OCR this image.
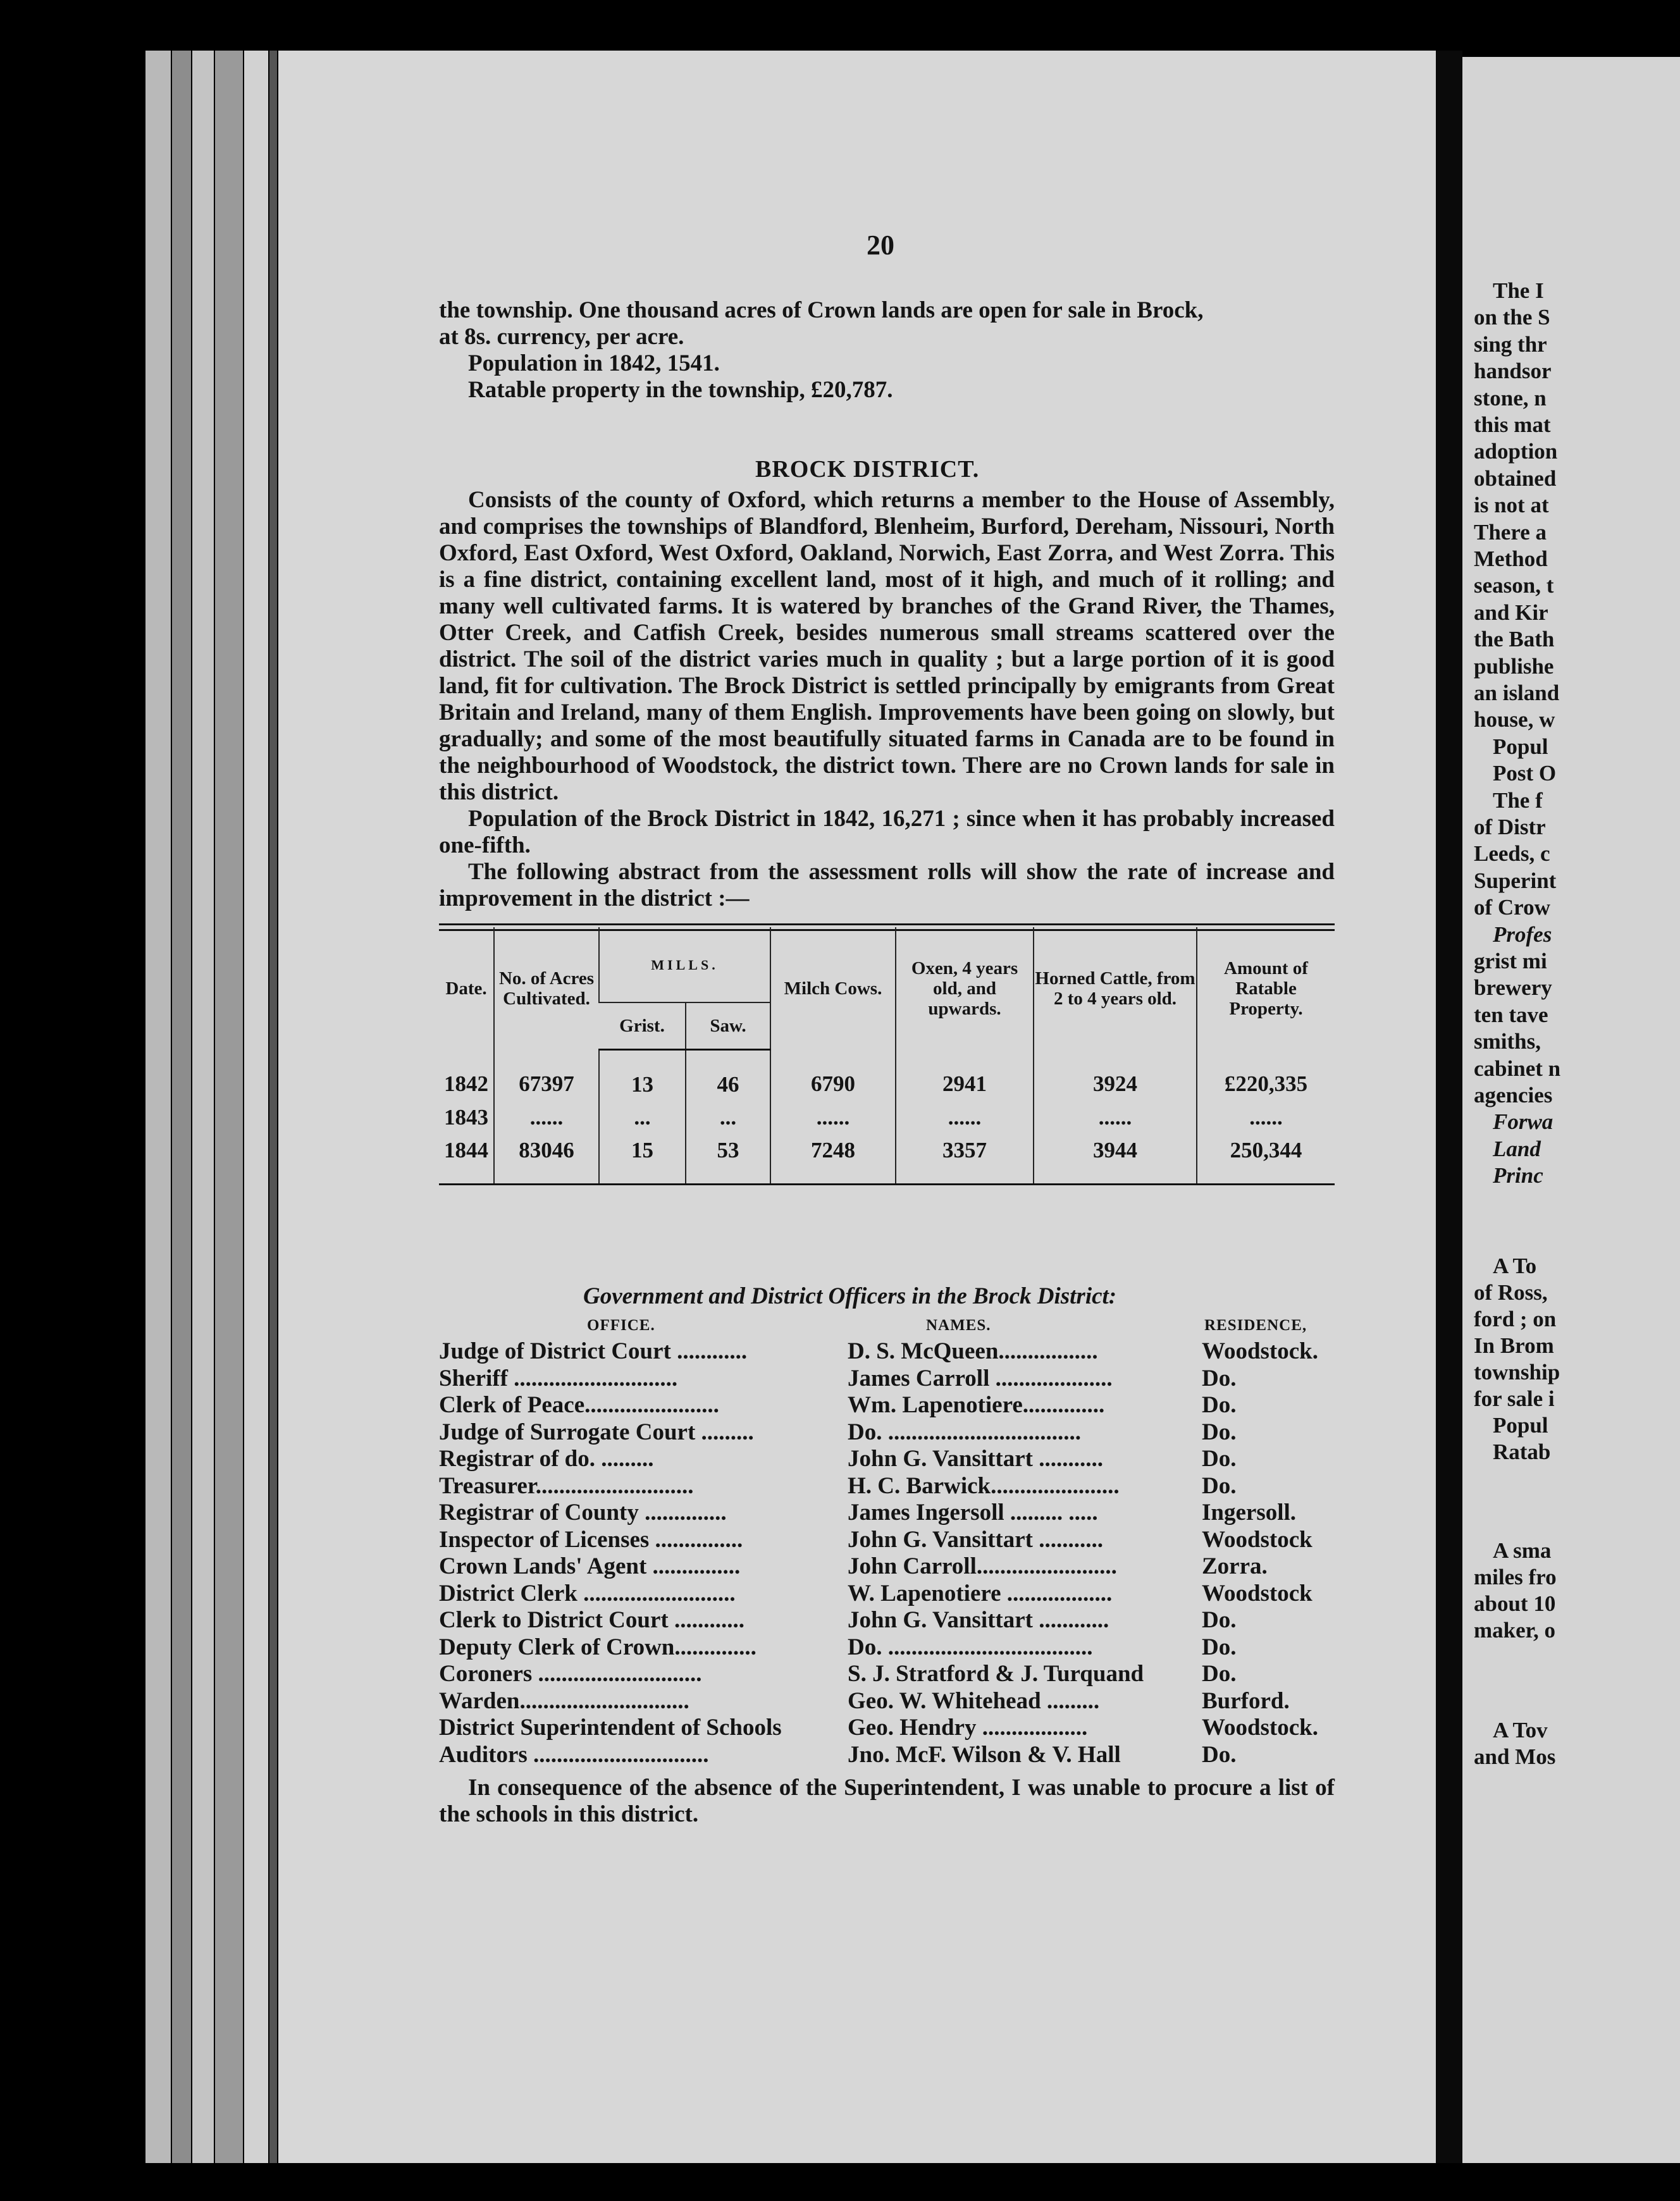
The I
on the S
sing thr
handsor
stone, n
this mat
adoption
obtained
is not at
There a
Method
season, t
and Kir
the Bath
publishe
an island
house, w
Popul
Post O
The f
of Distr
Leeds, c
Superint
of Crow
Profes
grist mi
brewery
ten tave
smiths,
cabinet n
agencies
Forwa
Land
Princ
A To
of Ross,
ford ; on
In Brom
township
for sale i
Popul
Ratab
A sma
miles fro
about 10
maker, o
A Tov
and Mos
20
the township. One thousand acres of Crown lands are open for sale in Brock,
at 8s. currency, per acre.
Population in 1842, 1541.
Ratable property in the township, £20,787.
BROCK DISTRICT.

Consists of the county of Oxford, which returns a member to the House of Assembly, and comprises the townships of Blandford, Blenheim, Burford, Dereham, Nissouri, North Oxford, East Oxford, West Oxford, Oakland, Norwich, East Zorra, and West Zorra. This is a fine district, containing excellent land, most of it high, and much of it rolling; and many well cultivated farms. It is watered by branches of the Grand River, the Thames, Otter Creek, and Catfish Creek, besides numerous small streams scattered over the district. The soil of the district varies much in quality ; but a large portion of it is good land, fit for cultivation. The Brock District is settled principally by emigrants from Great Britain and Ireland, many of them English. Improvements have been going on slowly, but gradually; and some of the most beautifully situated farms in Canada are to be found in the neighbourhood of Woodstock, the district town. There are no Crown lands for sale in this district.

Population of the Brock District in 1842, 16,271 ; since when it has probably increased one-fifth.

The following abstract from the assessment rolls will show the rate of increase and improvement in the district :—

Date.	No. of Acres Cultivated.	MILLS.		Milch Cows.	Oxen, 4 years old, and upwards.	Horned Cattle, from 2 to 4 years old.	Amount of Ratable Property.
		Grist.	Saw.				
1842	67397	13	46	6790	2941	3924	£220,335
1843	......	...	...	......	......	......	......
1844	83046	15	53	7248	3357	3944	250,344
Government and District Officers in the Brock District:
OFFICE.	NAMES.	RESIDENCE,
Judge of District Court ............	D. S. McQueen.................	Woodstock.
Sheriff ............................	James Carroll ....................	Do.
Clerk of Peace.......................	Wm. Lapenotiere..............	Do.
Judge of Surrogate Court .........	Do. .................................	Do.
Registrar of do. .........	John G. Vansittart ...........	Do.
Treasurer...........................	H. C. Barwick......................	Do.
Registrar of County ..............	James Ingersoll ......... .....	Ingersoll.
Inspector of Licenses ...............	John G. Vansittart ...........	Woodstock
Crown Lands' Agent ...............	John Carroll........................	Zorra.
District Clerk ..........................	W. Lapenotiere ..................	Woodstock
Clerk to District Court ............	John G. Vansittart ............	Do.
Deputy Clerk of Crown..............	Do. ...................................	Do.
Coroners ............................	S. J. Stratford & J. Turquand	Do.
Warden.............................	Geo. W. Whitehead .........	Burford.
District Superintendent of Schools	Geo. Hendry ..................	Woodstock.
Auditors ..............................	Jno. McF. Wilson & V. Hall	Do.

In consequence of the absence of the Superintendent, I was unable to procure a list of the schools in this district.
